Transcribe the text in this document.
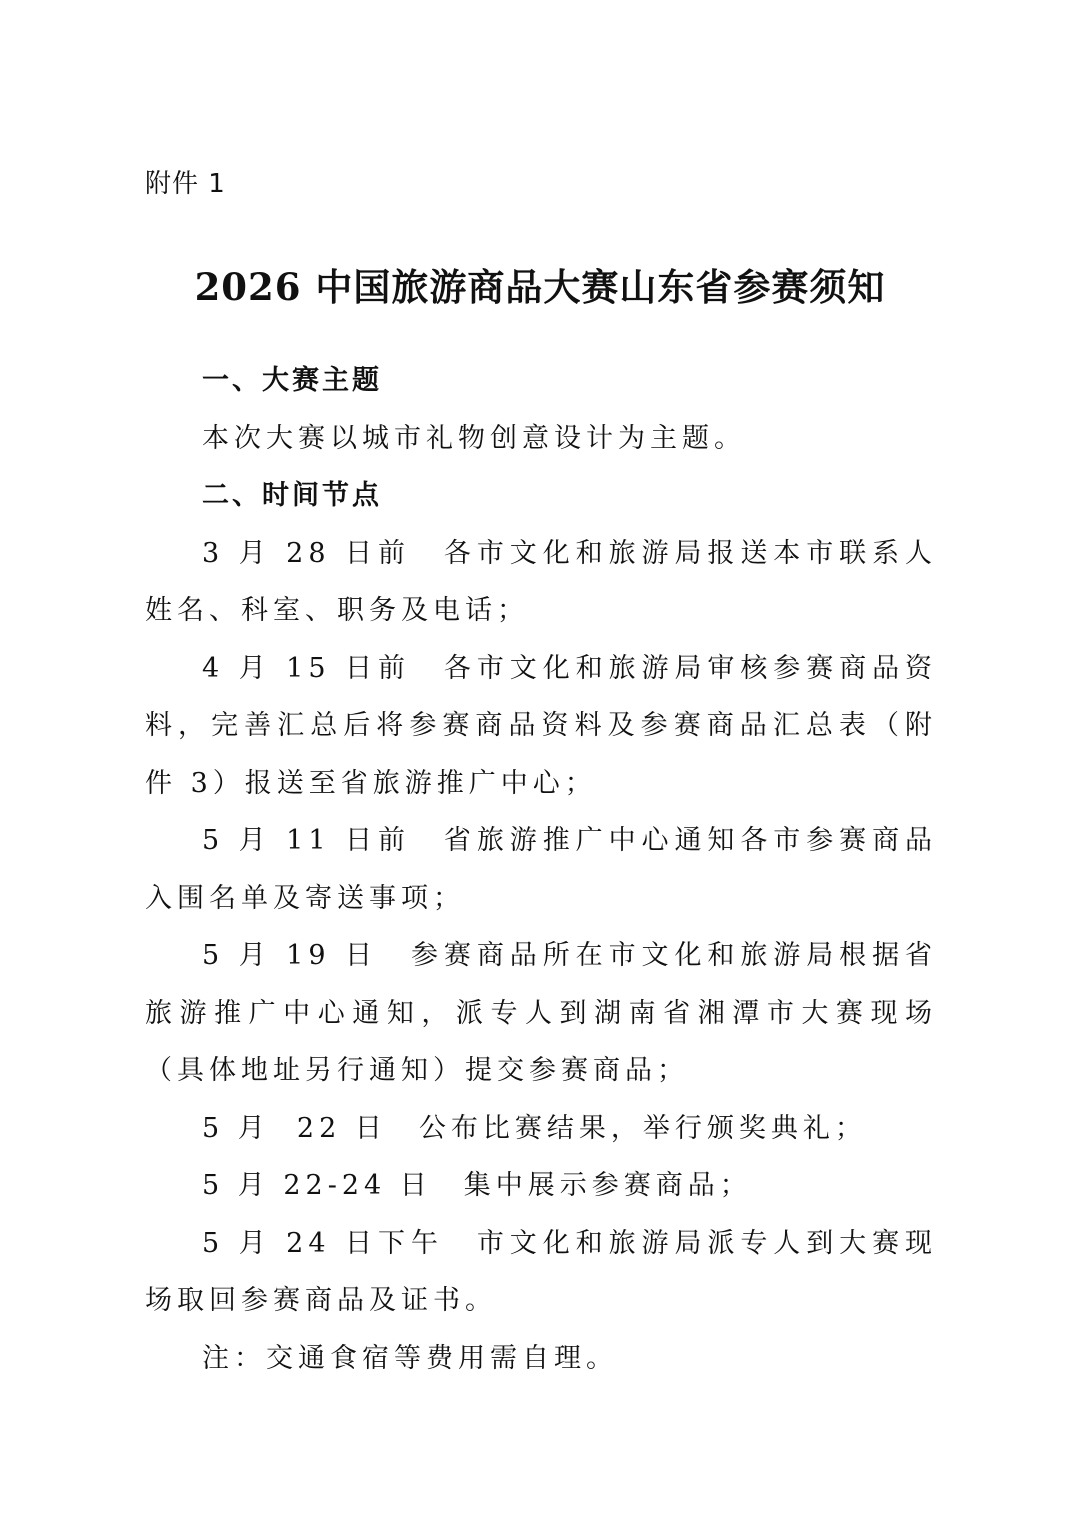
附件 1
2026 中国旅游商品大赛山东省参赛须知

一、大赛主题

本次大赛以城市礼物创意设计为主题。

二、时间节点

3 月 28 日前　 各市文化和旅游局报送本市联系人姓名、科室、职务及电话；

4 月 15 日前　 各市文化和旅游局审核参赛商品资料，完善汇总后将参赛商品资料及参赛商品汇总表（附件 3）报送至省旅游推广中心；

5 月 11 日前　 省旅游推广中心通知各市参赛商品入围名单及寄送事项；

5 月 19 日　 参赛商品所在市文化和旅游局根据省旅游推广中心通知，派专人到湖南省湘潭市大赛现场（具体地址另行通知）提交参赛商品；

5 月  22 日　 公布比赛结果，举行颁奖典礼；

5 月 22-24 日　 集中展示参赛商品；

5 月 24 日下午　 市文化和旅游局派专人到大赛现场取回参赛商品及证书。

注：交通食宿等费用需自理。
